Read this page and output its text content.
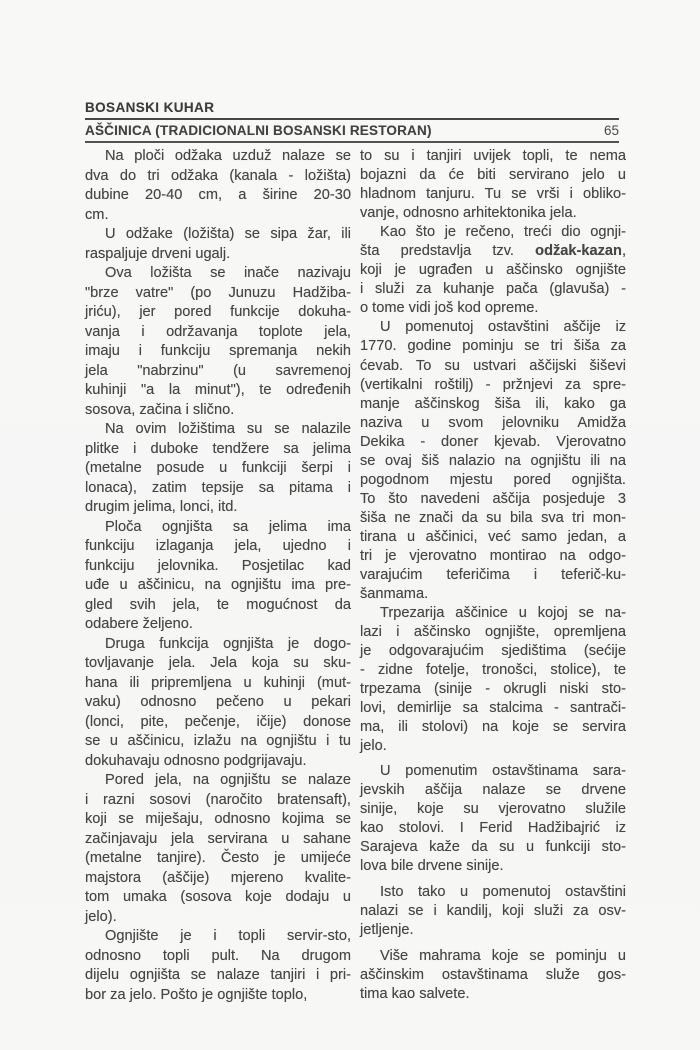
BOSANSKI KUHAR
AŠČINICA (TRADICIONALNI BOSANSKI RESTORAN)	65
Na ploči odžaka uzduž nalaze se
dva do tri odžaka (kanala - ložišta)
dubine 20-40 cm, a širine 20-30
cm.
U odžake (ložišta) se sipa žar, ili
raspaljuje drveni ugalj.
Ova ložišta se inače nazivaju
"brze vatre" (po Junuzu Hadžiba-
jriću), jer pored funkcije dokuha-
vanja i održavanja toplote jela,
imaju i funkciju spremanja nekih
jela "nabrzinu" (u savremenoj
kuhinji "a la minut"), te određenih
sosova, začina i slično.
Na ovim ložištima su se nalazile
plitke i duboke tendžere sa jelima
(metalne posude u funkciji šerpi i
lonaca), zatim tepsije sa pitama i
drugim jelima, lonci, itd.
Ploča ognjišta sa jelima ima
funkciju izlaganja jela, ujedno i
funkciju jelovnika. Posjetilac kad
uđe u aščinicu, na ognjištu ima pre-
gled svih jela, te mogućnost da
odabere željeno.
Druga funkcija ognjišta je dogo-
tovljavanje jela. Jela koja su sku-
hana ili pripremljena u kuhinji (mut-
vaku) odnosno pečeno u pekari
(lonci, pite, pečenje, ičije) donose
se u aščinicu, izlažu na ognjištu i tu
dokuhavaju odnosno podgrijavaju.
Pored jela, na ognjištu se nalaze
i razni sosovi (naročito bratensaft),
koji se miješaju, odnosno kojima se
začinjavaju jela servirana u sahane
(metalne tanjire). Često je umijeće
majstora (aščije) mjereno kvalite-
tom umaka (sosova koje dodaju u
jelo).
Ognjište je i topli servir-sto,
odnosno topli pult. Na drugom
dijelu ognjišta se nalaze tanjiri i pri-
bor za jelo. Pošto je ognjište toplo,
to su i tanjiri uvijek topli, te nema
bojazni da će biti servirano jelo u
hladnom tanjuru. Tu se vrši i obliko-
vanje, odnosno arhitektonika jela.
Kao što je rečeno, treći dio ognji-
šta predstavlja tzv. odžak-kazan,
koji je ugrađen u aščinsko ognjište
i služi za kuhanje pača (glavuša) -
o tome vidi još kod opreme.
U pomenutoj ostavštini aščije iz
1770. godine pominju se tri šiša za
ćevab. To su ustvari aščijski šiševi
(vertikalni roštilj) - pržnjevi za spre-
manje aščinskog šiša ili, kako ga
naziva u svom jelovniku Amidža
Dekika - doner kjevab. Vjerovatno
se ovaj šiš nalazio na ognjištu ili na
pogodnom mjestu pored ognjišta.
To što navedeni aščija posjeduje 3
šiša ne znači da su bila sva tri mon-
tirana u aščinici, već samo jedan, a
tri je vjerovatno montirao na odgo-
varajućim teferičima i teferič-ku-
šanmama.
Trpezarija aščinice u kojoj se na-
lazi i aščinsko ognjište, opremljena
je odgovarajućim sjedištima (sećije
- zidne fotelje, tronošci, stolice), te
trpezama (sinije - okrugli niski sto-
lovi, demirlije sa stalcima - santrači-
ma, ili stolovi) na koje se servira
jelo.
U pomenutim ostavštinama sara-
jevskih aščija nalaze se drvene
sinije, koje su vjerovatno služile
kao stolovi. I Ferid Hadžibajrić iz
Sarajeva kaže da su u funkciji sto-
lova bile drvene sinije.
Isto tako u pomenutoj ostavštini
nalazi se i kandilj, koji služi za osv-
jetljenje.
Više mahrama koje se pominju u
aščinskim ostavštinama služe gos-
tima kao salvete.
